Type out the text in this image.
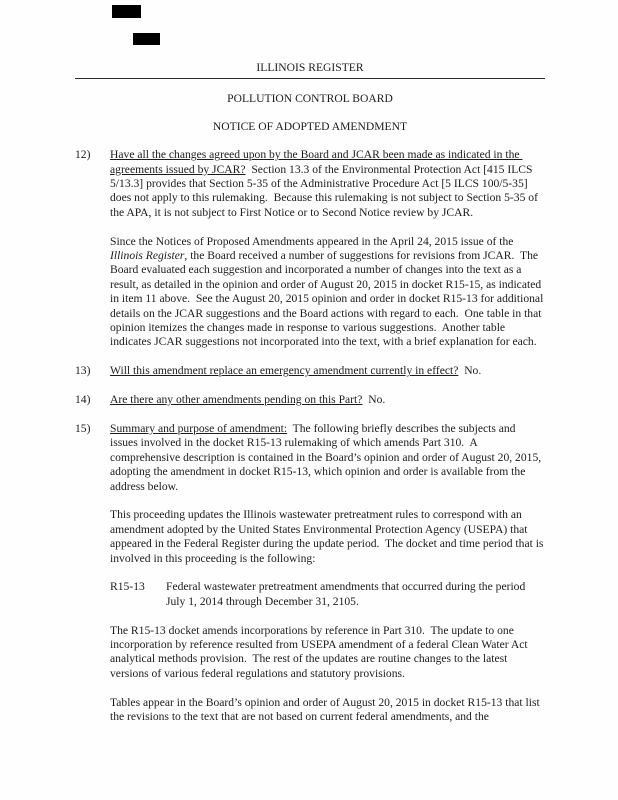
ILLINOIS REGISTER
POLLUTION CONTROL BOARD
NOTICE OF ADOPTED AMENDMENT
12)	Have all the changes agreed upon by the Board and JCAR been made as indicated in the agreements issued by JCAR?  Section 13.3 of the Environmental Protection Act [415 ILCS 5/13.3] provides that Section 5-35 of the Administrative Procedure Act [5 ILCS 100/5-35] does not apply to this rulemaking.  Because this rulemaking is not subject to Section 5-35 of the APA, it is not subject to First Notice or to Second Notice review by JCAR.

Since the Notices of Proposed Amendments appeared in the April 24, 2015 issue of the Illinois Register, the Board received a number of suggestions for revisions from JCAR.  The Board evaluated each suggestion and incorporated a number of changes into the text as a result, as detailed in the opinion and order of August 20, 2015 in docket R15-15, as indicated in item 11 above.  See the August 20, 2015 opinion and order in docket R15-13 for additional details on the JCAR suggestions and the Board actions with regard to each.  One table in that opinion itemizes the changes made in response to various suggestions.  Another table indicates JCAR suggestions not incorporated into the text, with a brief explanation for each.

13)	Will this amendment replace an emergency amendment currently in effect?  No.

14)	Are there any other amendments pending on this Part?  No.

15)	Summary and purpose of amendment:  The following briefly describes the subjects and issues involved in the docket R15-13 rulemaking of which amends Part 310.  A comprehensive description is contained in the Board’s opinion and order of August 20, 2015, adopting the amendment in docket R15-13, which opinion and order is available from the address below.

This proceeding updates the Illinois wastewater pretreatment rules to correspond with an amendment adopted by the United States Environmental Protection Agency (USEPA) that appeared in the Federal Register during the update period.  The docket and time period that is involved in this proceeding is the following:

R15-13	Federal wastewater pretreatment amendments that occurred during the period July 1, 2014 through December 31, 2105.

The R15-13 docket amends incorporations by reference in Part 310.  The update to one incorporation by reference resulted from USEPA amendment of a federal Clean Water Act analytical methods provision.  The rest of the updates are routine changes to the latest versions of various federal regulations and statutory provisions.

Tables appear in the Board’s opinion and order of August 20, 2015 in docket R15-13 that list the revisions to the text that are not based on current federal amendments, and the
